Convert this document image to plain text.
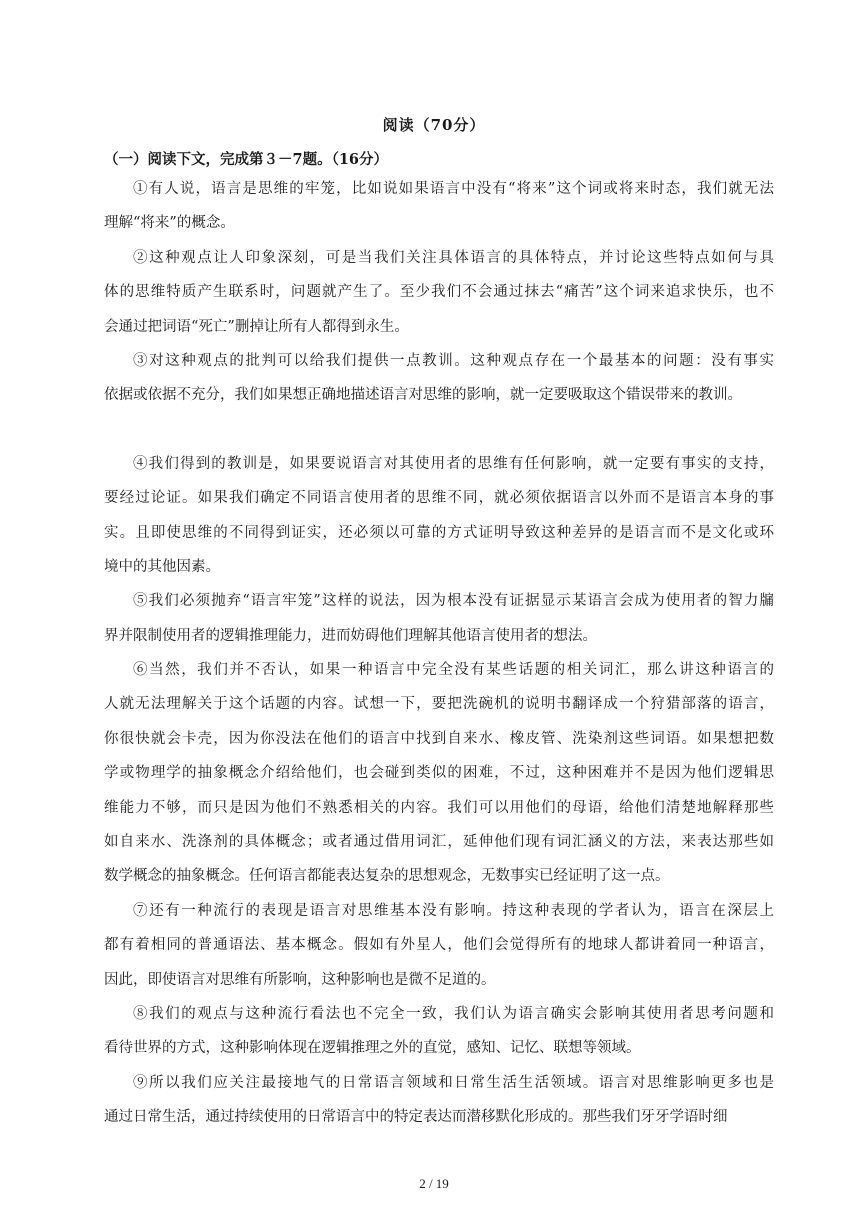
阅读（70分）
（一）阅读下文，完成第３－7题。（16分）
①有人说，语言是思维的牢笼，比如说如果语言中没有“将来”这个词或将来时态，我们就无法
理解“将来”的概念。
②这种观点让人印象深刻，可是当我们关注具体语言的具体特点，并讨论这些特点如何与具
体的思维特质产生联系时，问题就产生了。至少我们不会通过抹去“痛苦”这个词来追求快乐，也不
会通过把词语“死亡”删掉让所有人都得到永生。
③对这种观点的批判可以给我们提供一点教训。这种观点存在一个最基本的问题：没有事实
依据或依据不充分，我们如果想正确地描述语言对思维的影响，就一定要吸取这个错误带来的教训。
④我们得到的教训是，如果要说语言对其使用者的思维有任何影响，就一定要有事实的支持，
要经过论证。如果我们确定不同语言使用者的思维不同，就必须依据语言以外而不是语言本身的事
实。且即使思维的不同得到证实，还必须以可靠的方式证明导致这种差异的是语言而不是文化或环
境中的其他因素。
⑤我们必须抛弃“语言牢笼”这样的说法，因为根本没有证据显示某语言会成为使用者的智力牖
界并限制使用者的逻辑推理能力，进而妨碍他们理解其他语言使用者的想法。
⑥当然，我们并不否认，如果一种语言中完全没有某些话题的相关词汇，那么讲这种语言的
人就无法理解关于这个话题的内容。试想一下，要把洗碗机的说明书翻译成一个狩猎部落的语言，
你很快就会卡壳，因为你没法在他们的语言中找到自来水、橡皮管、洗染剂这些词语。如果想把数
学或物理学的抽象概念介绍给他们，也会碰到类似的困难，不过，这种困难并不是因为他们逻辑思
维能力不够，而只是因为他们不熟悉相关的内容。我们可以用他们的母语，给他们清楚地解释那些
如自来水、洗涤剂的具体概念；或者通过借用词汇，延伸他们现有词汇涵义的方法，来表达那些如
数学概念的抽象概念。任何语言都能表达复杂的思想观念，无数事实已经证明了这一点。
⑦还有一种流行的表现是语言对思维基本没有影响。持这种表现的学者认为，语言在深层上
都有着相同的普通语法、基本概念。假如有外星人，他们会觉得所有的地球人都讲着同一种语言，
因此，即使语言对思维有所影响，这种影响也是微不足道的。
⑧我们的观点与这种流行看法也不完全一致，我们认为语言确实会影响其使用者思考问题和
看待世界的方式，这种影响体现在逻辑推理之外的直觉，感知、记忆、联想等领域。
⑨所以我们应关注最接地气的日常语言领域和日常生活生活领域。语言对思维影响更多也是
通过日常生活，通过持续使用的日常语言中的特定表达而潜移默化形成的。那些我们牙牙学语时细
2 / 19
